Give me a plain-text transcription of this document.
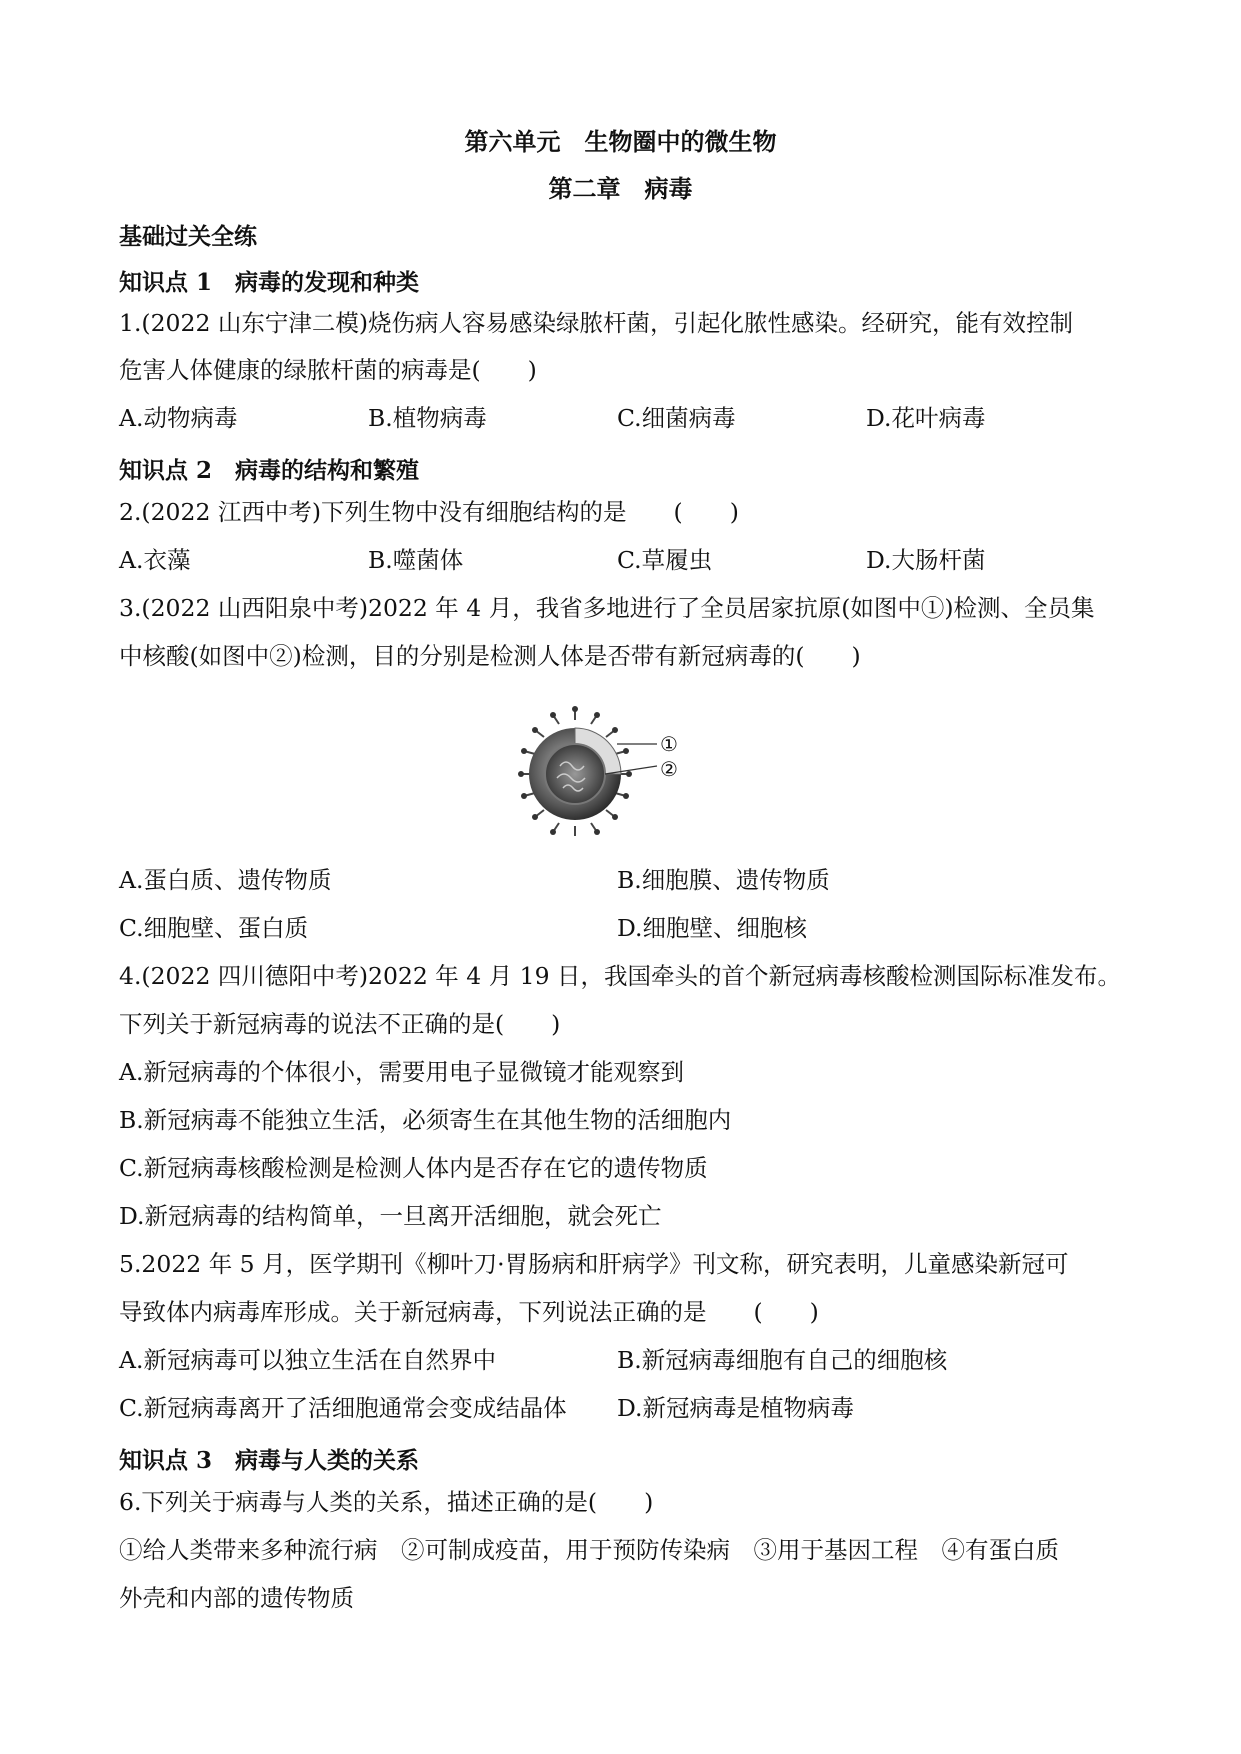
第六单元　生物圈中的微生物
第二章　病毒
基础过关全练
知识点 1　病毒的发现和种类
1.(2022 山东宁津二模)烧伤病人容易感染绿脓杆菌，引起化脓性感染。经研究，能有效控制
危害人体健康的绿脓杆菌的病毒是(　　)
A.动物病毒	B.植物病毒	C.细菌病毒	D.花叶病毒
知识点 2　病毒的结构和繁殖
2.(2022 江西中考)下列生物中没有细胞结构的是　　(　　)
A.衣藻	B.噬菌体	C.草履虫	D.大肠杆菌
3.(2022 山西阳泉中考)2022 年 4 月，我省多地进行了全员居家抗原(如图中①)检测、全员集
中核酸(如图中②)检测，目的分别是检测人体是否带有新冠病毒的(　　)
①
②
A.蛋白质、遗传物质	B.细胞膜、遗传物质
C.细胞壁、蛋白质	D.细胞壁、细胞核
4.(2022 四川德阳中考)2022 年 4 月 19 日，我国牵头的首个新冠病毒核酸检测国际标准发布。
下列关于新冠病毒的说法不正确的是(　　)
A.新冠病毒的个体很小，需要用电子显微镜才能观察到
B.新冠病毒不能独立生活，必须寄生在其他生物的活细胞内
C.新冠病毒核酸检测是检测人体内是否存在它的遗传物质
D.新冠病毒的结构简单，一旦离开活细胞，就会死亡
5.2022 年 5 月，医学期刊《柳叶刀·胃肠病和肝病学》刊文称，研究表明，儿童感染新冠可
导致体内病毒库形成。关于新冠病毒，下列说法正确的是　　(　　)
A.新冠病毒可以独立生活在自然界中	B.新冠病毒细胞有自己的细胞核
C.新冠病毒离开了活细胞通常会变成结晶体 D.新冠病毒是植物病毒
知识点 3　病毒与人类的关系
6.下列关于病毒与人类的关系，描述正确的是(　　)
①给人类带来多种流行病　②可制成疫苗，用于预防传染病　③用于基因工程　④有蛋白质
外壳和内部的遗传物质
